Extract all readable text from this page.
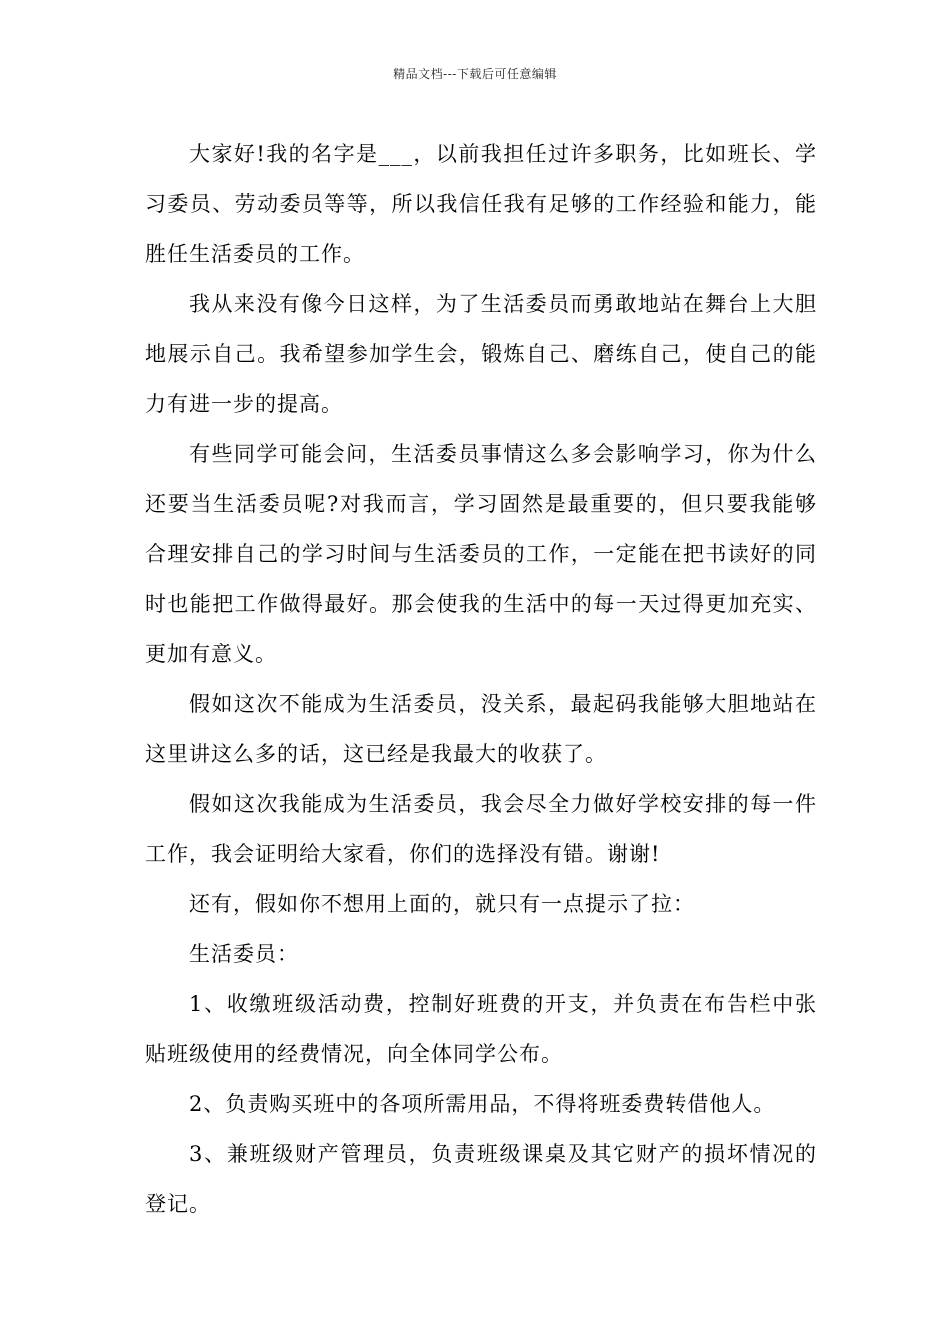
精品文档---下载后可任意编辑

大家好!我的名字是___，以前我担任过许多职务，比如班长、学习委员、劳动委员等等，所以我信任我有足够的工作经验和能力，能胜任生活委员的工作。

我从来没有像今日这样，为了生活委员而勇敢地站在舞台上大胆地展示自己。我希望参加学生会，锻炼自己、磨练自己，使自己的能力有进一步的提高。

有些同学可能会问，生活委员事情这么多会影响学习，你为什么还要当生活委员呢?对我而言，学习固然是最重要的，但只要我能够合理安排自己的学习时间与生活委员的工作，一定能在把书读好的同时也能把工作做得最好。那会使我的生活中的每一天过得更加充实、更加有意义。

假如这次不能成为生活委员，没关系，最起码我能够大胆地站在这里讲这么多的话，这已经是我最大的收获了。

假如这次我能成为生活委员，我会尽全力做好学校安排的每一件工作，我会证明给大家看，你们的选择没有错。谢谢!

还有，假如你不想用上面的，就只有一点提示了拉：

生活委员：

1、收缴班级活动费，控制好班费的开支，并负责在布告栏中张贴班级使用的经费情况，向全体同学公布。

2、负责购买班中的各项所需用品，不得将班委费转借他人。

3、兼班级财产管理员，负责班级课桌及其它财产的损坏情况的登记。
